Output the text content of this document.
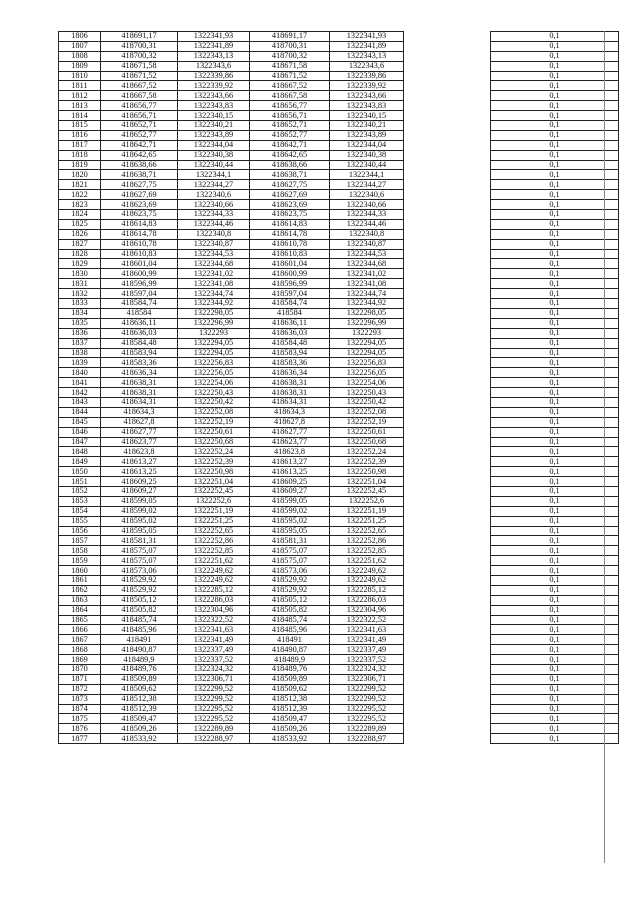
1806	418691,17	1322341,93	418691,17	1322341,93		0,1
1807	418700,31	1322341,89	418700,31	1322341,89		0,1
1808	418700,32	1322343,13	418700,32	1322343,13		0,1
1809	418671,58	1322343,6	418671,58	1322343,6		0,1
1810	418671,52	1322339,86	418671,52	1322339,86		0,1
1811	418667,52	1322339,92	418667,52	1322339,92		0,1
1812	418667,58	1322343,66	418667,58	1322343,66		0,1
1813	418656,77	1322343,83	418656,77	1322343,83		0,1
1814	418656,71	1322340,15	418656,71	1322340,15		0,1
1815	418652,71	1322340,21	418652,71	1322340,21		0,1
1816	418652,77	1322343,89	418652,77	1322343,89		0,1
1817	418642,71	1322344,04	418642,71	1322344,04		0,1
1818	418642,65	1322340,38	418642,65	1322340,38		0,1
1819	418638,66	1322340,44	418638,66	1322340,44		0,1
1820	418638,71	1322344,1	418638,71	1322344,1		0,1
1821	418627,75	1322344,27	418627,75	1322344,27		0,1
1822	418627,69	1322340,6	418627,69	1322340,6		0,1
1823	418623,69	1322340,66	418623,69	1322340,66		0,1
1824	418623,75	1322344,33	418623,75	1322344,33		0,1
1825	418614,83	1322344,46	418614,83	1322344,46		0,1
1826	418614,78	1322340,8	418614,78	1322340,8		0,1
1827	418610,78	1322340,87	418610,78	1322340,87		0,1
1828	418610,83	1322344,53	418610,83	1322344,53		0,1
1829	418601,04	1322344,68	418601,04	1322344,68		0,1
1830	418600,99	1322341,02	418600,99	1322341,02		0,1
1831	418596,99	1322341,08	418596,99	1322341,08		0,1
1832	418597,04	1322344,74	418597,04	1322344,74		0,1
1833	418584,74	1322344,92	418584,74	1322344,92		0,1
1834	418584	1322298,05	418584	1322298,05		0,1
1835	418636,11	1322296,99	418636,11	1322296,99		0,1
1836	418636,03	1322293	418636,03	1322293		0,1
1837	418584,48	1322294,05	418584,48	1322294,05		0,1
1838	418583,94	1322294,05	418583,94	1322294,05		0,1
1839	418583,36	1322256,83	418583,36	1322256,83		0,1
1840	418636,34	1322256,05	418636,34	1322256,05		0,1
1841	418638,31	1322254,06	418638,31	1322254,06		0,1
1842	418638,31	1322250,43	418638,31	1322250,43		0,1
1843	418634,31	1322250,42	418634,31	1322250,42		0,1
1844	418634,3	1322252,08	418634,3	1322252,08		0,1
1845	418627,8	1322252,19	418627,8	1322252,19		0,1
1846	418627,77	1322250,61	418627,77	1322250,61		0,1
1847	418623,77	1322250,68	418623,77	1322250,68		0,1
1848	418623,8	1322252,24	418623,8	1322252,24		0,1
1849	418613,27	1322252,39	418613,27	1322252,39		0,1
1850	418613,25	1322250,98	418613,25	1322250,98		0,1
1851	418609,25	1322251,04	418609,25	1322251,04		0,1
1852	418609,27	1322252,45	418609,27	1322252,45		0,1
1853	418599,05	1322252,6	418599,05	1322252,6		0,1
1854	418599,02	1322251,19	418599,02	1322251,19		0,1
1855	418595,02	1322251,25	418595,02	1322251,25		0,1
1856	418595,05	1322252,65	418595,05	1322252,65		0,1
1857	418581,31	1322252,86	418581,31	1322252,86		0,1
1858	418575,07	1322252,85	418575,07	1322252,85		0,1
1859	418575,07	1322251,62	418575,07	1322251,62		0,1
1860	418573,06	1322249,62	418573,06	1322249,62		0,1
1861	418529,92	1322249,62	418529,92	1322249,62		0,1
1862	418529,92	1322285,12	418529,92	1322285,12		0,1
1863	418505,12	1322286,03	418505,12	1322286,03		0,1
1864	418505,82	1322304,96	418505,82	1322304,96		0,1
1865	418485,74	1322322,52	418485,74	1322322,52		0,1
1866	418485,96	1322341,63	418485,96	1322341,63		0,1
1867	418491	1322341,49	418491	1322341,49		0,1
1868	418490,87	1322337,49	418490,87	1322337,49		0,1
1869	418489,9	1322337,52	418489,9	1322337,52		0,1
1870	418489,76	1322324,32	418489,76	1322324,32		0,1
1871	418509,89	1322306,71	418509,89	1322306,71		0,1
1872	418509,62	1322299,52	418509,62	1322299,52		0,1
1873	418512,38	1322299,52	418512,38	1322299,52		0,1
1874	418512,39	1322295,52	418512,39	1322295,52		0,1
1875	418509,47	1322295,52	418509,47	1322295,52		0,1
1876	418509,26	1322289,89	418509,26	1322289,89		0,1
1877	418533,92	1322288,97	418533,92	1322288,97		0,1
